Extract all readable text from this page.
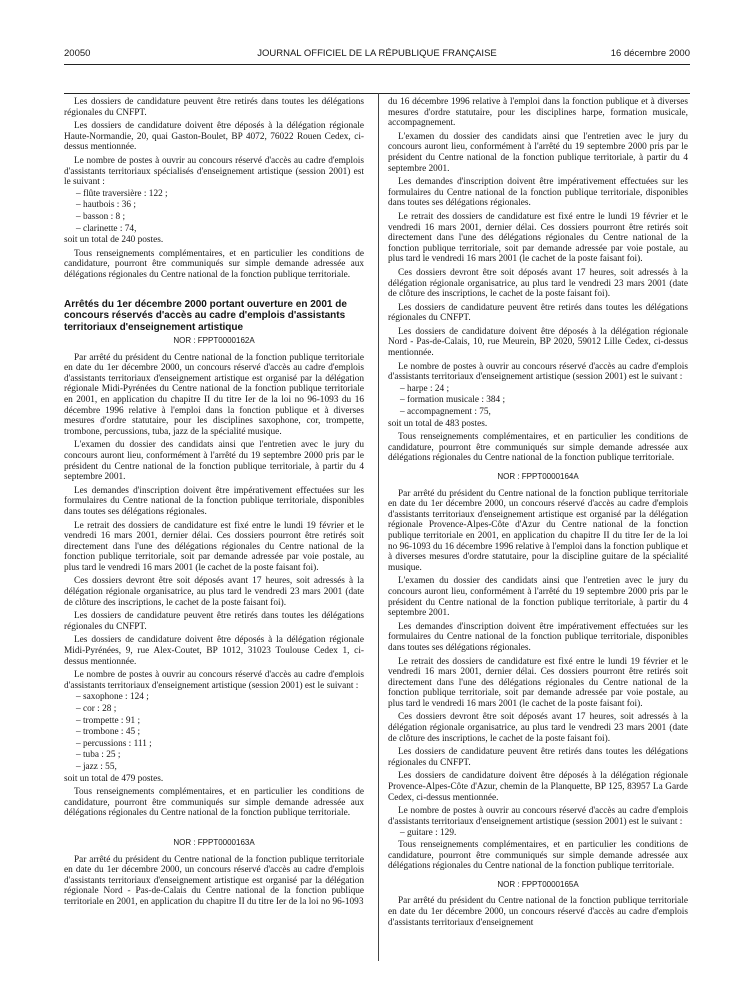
20050	JOURNAL OFFICIEL DE LA RÉPUBLIQUE FRANÇAISE	16 décembre 2000

Les dossiers de candidature peuvent être retirés dans toutes les délégations régionales du CNFPT.

Les dossiers de candidature doivent être déposés à la délégation régionale Haute-Normandie, 20, quai Gaston-Boulet, BP 4072, 76022 Rouen Cedex, ci-dessus mentionnée.

Le nombre de postes à ouvrir au concours réservé d'accès au cadre d'emplois d'assistants territoriaux spécialisés d'enseignement artistique (session 2001) est le suivant :

– flûte traversière : 122 ;

– hautbois : 36 ;

– basson : 8 ;

– clarinette : 74,

soit un total de 240 postes.

Tous renseignements complémentaires, et en particulier les conditions de candidature, pourront être communiqués sur simple demande adressée aux délégations régionales du Centre national de la fonction publique territoriale.

Arrêtés du 1er décembre 2000 portant ouverture en 2001 de concours réservés d'accès au cadre d'emplois d'assistants territoriaux d'enseignement artistique

NOR : FPPT0000162A

Par arrêté du président du Centre national de la fonction publique territoriale en date du 1er décembre 2000, un concours réservé d'accès au cadre d'emplois d'assistants territoriaux d'enseignement artistique est organisé par la délégation régionale Midi-Pyrénées du Centre national de la fonction publique territoriale en 2001, en application du chapitre II du titre Ier de la loi no 96-1093 du 16 décembre 1996 relative à l'emploi dans la fonction publique et à diverses mesures d'ordre statutaire, pour les disciplines saxophone, cor, trompette, trombone, percussions, tuba, jazz de la spécialité musique.

L'examen du dossier des candidats ainsi que l'entretien avec le jury du concours auront lieu, conformément à l'arrêté du 19 septembre 2000 pris par le président du Centre national de la fonction publique territoriale, à partir du 4 septembre 2001.

Les demandes d'inscription doivent être impérativement effectuées sur les formulaires du Centre national de la fonction publique territoriale, disponibles dans toutes ses délégations régionales.

Le retrait des dossiers de candidature est fixé entre le lundi 19 février et le vendredi 16 mars 2001, dernier délai. Ces dossiers pourront être retirés soit directement dans l'une des délégations régionales du Centre national de la fonction publique territoriale, soit par demande adressée par voie postale, au plus tard le vendredi 16 mars 2001 (le cachet de la poste faisant foi).

Ces dossiers devront être soit déposés avant 17 heures, soit adressés à la délégation régionale organisatrice, au plus tard le vendredi 23 mars 2001 (date de clôture des inscriptions, le cachet de la poste faisant foi).

Les dossiers de candidature peuvent être retirés dans toutes les délégations régionales du CNFPT.

Les dossiers de candidature doivent être déposés à la délégation régionale Midi-Pyrénées, 9, rue Alex-Coutet, BP 1012, 31023 Toulouse Cedex 1, ci-dessus mentionnée.

Le nombre de postes à ouvrir au concours réservé d'accès au cadre d'emplois d'assistants territoriaux d'enseignement artistique (session 2001) est le suivant :

– saxophone : 124 ;

– cor : 28 ;

– trompette : 91 ;

– trombone : 45 ;

– percussions : 111 ;

– tuba : 25 ;

– jazz : 55,

soit un total de 479 postes.

Tous renseignements complémentaires, et en particulier les conditions de candidature, pourront être communiqués sur simple demande adressée aux délégations régionales du Centre national de la fonction publique territoriale.

NOR : FPPT0000163A

Par arrêté du président du Centre national de la fonction publique territoriale en date du 1er décembre 2000, un concours réservé d'accès au cadre d'emplois d'assistants territoriaux d'enseignement artistique est organisé par la délégation régionale Nord - Pas-de-Calais du Centre national de la fonction publique territoriale en 2001, en application du chapitre II du titre Ier de la loi no 96-1093

du 16 décembre 1996 relative à l'emploi dans la fonction publique et à diverses mesures d'ordre statutaire, pour les disciplines harpe, formation musicale, accompagnement.

L'examen du dossier des candidats ainsi que l'entretien avec le jury du concours auront lieu, conformément à l'arrêté du 19 septembre 2000 pris par le président du Centre national de la fonction publique territoriale, à partir du 4 septembre 2001.

Les demandes d'inscription doivent être impérativement effectuées sur les formulaires du Centre national de la fonction publique territoriale, disponibles dans toutes ses délégations régionales.

Le retrait des dossiers de candidature est fixé entre le lundi 19 février et le vendredi 16 mars 2001, dernier délai. Ces dossiers pourront être retirés soit directement dans l'une des délégations régionales du Centre national de la fonction publique territoriale, soit par demande adressée par voie postale, au plus tard le vendredi 16 mars 2001 (le cachet de la poste faisant foi).

Ces dossiers devront être soit déposés avant 17 heures, soit adressés à la délégation régionale organisatrice, au plus tard le vendredi 23 mars 2001 (date de clôture des inscriptions, le cachet de la poste faisant foi).

Les dossiers de candidature peuvent être retirés dans toutes les délégations régionales du CNFPT.

Les dossiers de candidature doivent être déposés à la délégation régionale Nord - Pas-de-Calais, 10, rue Meurein, BP 2020, 59012 Lille Cedex, ci-dessus mentionnée.

Le nombre de postes à ouvrir au concours réservé d'accès au cadre d'emplois d'assistants territoriaux d'enseignement artistique (session 2001) est le suivant :

– harpe : 24 ;

– formation musicale : 384 ;

– accompagnement : 75,

soit un total de 483 postes.

Tous renseignements complémentaires, et en particulier les conditions de candidature, pourront être communiqués sur simple demande adressée aux délégations régionales du Centre national de la fonction publique territoriale.

NOR : FPPT0000164A

Par arrêté du président du Centre national de la fonction publique territoriale en date du 1er décembre 2000, un concours réservé d'accès au cadre d'emplois d'assistants territoriaux d'enseignement artistique est organisé par la délégation régionale Provence-Alpes-Côte d'Azur du Centre national de la fonction publique territoriale en 2001, en application du chapitre II du titre Ier de la loi no 96-1093 du 16 décembre 1996 relative à l'emploi dans la fonction publique et à diverses mesures d'ordre statutaire, pour la discipline guitare de la spécialité musique.

L'examen du dossier des candidats ainsi que l'entretien avec le jury du concours auront lieu, conformément à l'arrêté du 19 septembre 2000 pris par le président du Centre national de la fonction publique territoriale, à partir du 4 septembre 2001.

Les demandes d'inscription doivent être impérativement effectuées sur les formulaires du Centre national de la fonction publique territoriale, disponibles dans toutes ses délégations régionales.

Le retrait des dossiers de candidature est fixé entre le lundi 19 février et le vendredi 16 mars 2001, dernier délai. Ces dossiers pourront être retirés soit directement dans l'une des délégations régionales du Centre national de la fonction publique territoriale, soit par demande adressée par voie postale, au plus tard le vendredi 16 mars 2001 (le cachet de la poste faisant foi).

Ces dossiers devront être soit déposés avant 17 heures, soit adressés à la délégation régionale organisatrice, au plus tard le vendredi 23 mars 2001 (date de clôture des inscriptions, le cachet de la poste faisant foi).

Les dossiers de candidature peuvent être retirés dans toutes les délégations régionales du CNFPT.

Les dossiers de candidature doivent être déposés à la délégation régionale Provence-Alpes-Côte d'Azur, chemin de la Planquette, BP 125, 83957 La Garde Cedex, ci-dessus mentionnée.

Le nombre de postes à ouvrir au concours réservé d'accès au cadre d'emplois d'assistants territoriaux d'enseignement artistique (session 2001) est le suivant :

– guitare : 129.

Tous renseignements complémentaires, et en particulier les conditions de candidature, pourront être communiqués sur simple demande adressée aux délégations régionales du Centre national de la fonction publique territoriale.

NOR : FPPT0000165A

Par arrêté du président du Centre national de la fonction publique territoriale en date du 1er décembre 2000, un concours réservé d'accès au cadre d'emplois d'assistants territoriaux d'enseignement
